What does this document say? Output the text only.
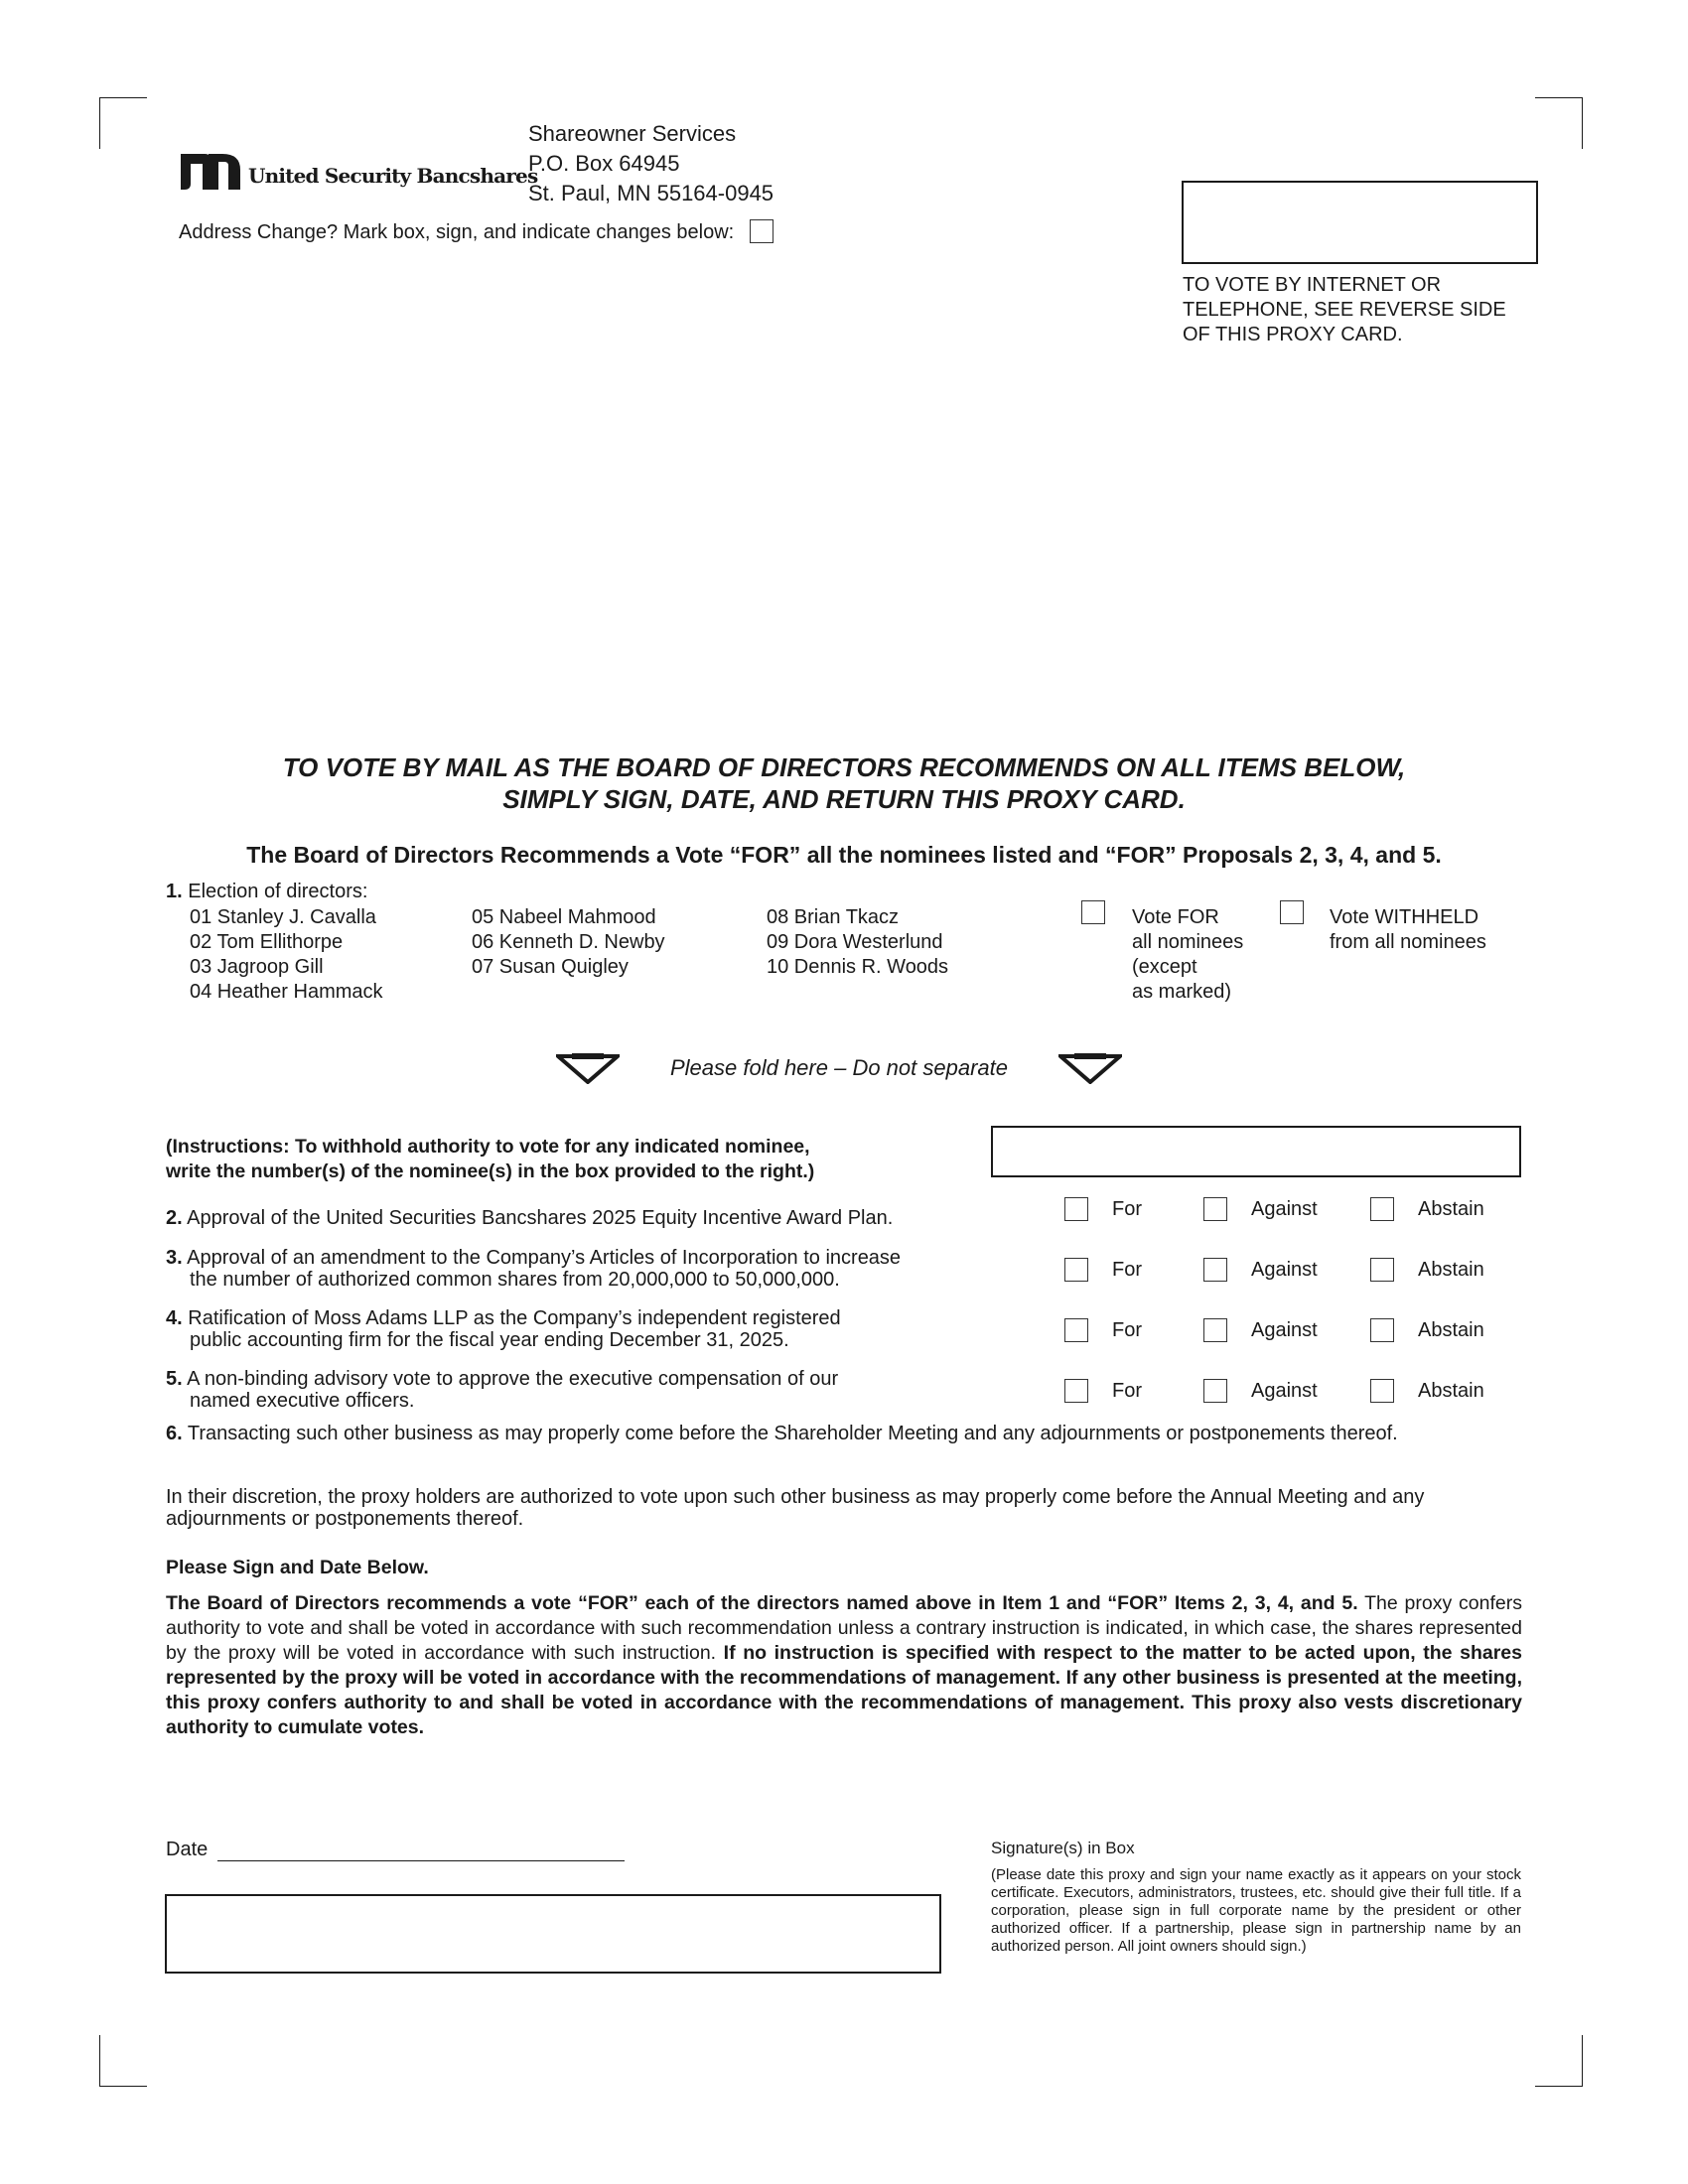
United Security Bancshares
Shareowner Services
P.O. Box 64945
St. Paul, MN 55164-0945
Address Change? Mark box, sign, and indicate changes below:
TO VOTE BY INTERNET OR
TELEPHONE, SEE REVERSE SIDE
OF THIS PROXY CARD.
TO VOTE BY MAIL AS THE BOARD OF DIRECTORS RECOMMENDS ON ALL ITEMS BELOW,
SIMPLY SIGN, DATE, AND RETURN THIS PROXY CARD.
The Board of Directors Recommends a Vote “FOR” all the nominees listed and “FOR” Proposals 2, 3, 4, and 5.
1. Election of directors:
01 Stanley J. Cavalla
02 Tom Ellithorpe
03 Jagroop Gill
04 Heather Hammack
05 Nabeel Mahmood
06 Kenneth D. Newby
07 Susan Quigley
08 Brian Tkacz
09 Dora Westerlund
10 Dennis R. Woods
Vote FOR
all nominees
(except
as marked)
Vote WITHHELD
from all nominees
Please fold here – Do not separate
(Instructions: To withhold authority to vote for any indicated nominee,
write the number(s) of the nominee(s) in the box provided to the right.)
2. Approval of the United Securities Bancshares 2025 Equity Incentive Award Plan.
3. Approval of an amendment to the Company’s Articles of Incorporation to increase
the number of authorized common shares from 20,000,000 to 50,000,000.
4. Ratification of Moss Adams LLP as the Company’s independent registered
public accounting firm for the fiscal year ending December 31, 2025.
5. A non-binding advisory vote to approve the executive compensation of our
named executive officers.
For	Against	Abstain
For	Against	Abstain
For	Against	Abstain
For	Against	Abstain
6. Transacting such other business as may properly come before the Shareholder Meeting and any adjournments or postponements thereof.
In their discretion, the proxy holders are authorized to vote upon such other business as may properly come before the Annual Meeting and any adjournments or postponements thereof.
Please Sign and Date Below.
The Board of Directors recommends a vote “FOR” each of the directors named above in Item 1 and “FOR” Items 2, 3, 4, and 5. The proxy confers authority to vote and shall be voted in accordance with such recommendation unless a contrary instruction is indicated, in which case, the shares represented by the proxy will be voted in accordance with such instruction. If no instruction is specified with respect to the matter to be acted upon, the shares represented by the proxy will be voted in accordance with the recommendations of management. If any other business is presented at the meeting, this proxy confers authority to and shall be voted in accordance with the recommendations of management. This proxy also vests discretionary authority to cumulate votes.
Date	Signature(s) in Box
(Please date this proxy and sign your name exactly as it appears on your stock certificate. Executors, administrators, trustees, etc. should give their full title. If a corporation, please sign in full corporate name by the president or other authorized officer. If a partnership, please sign in partnership name by an authorized person. All joint owners should sign.)
